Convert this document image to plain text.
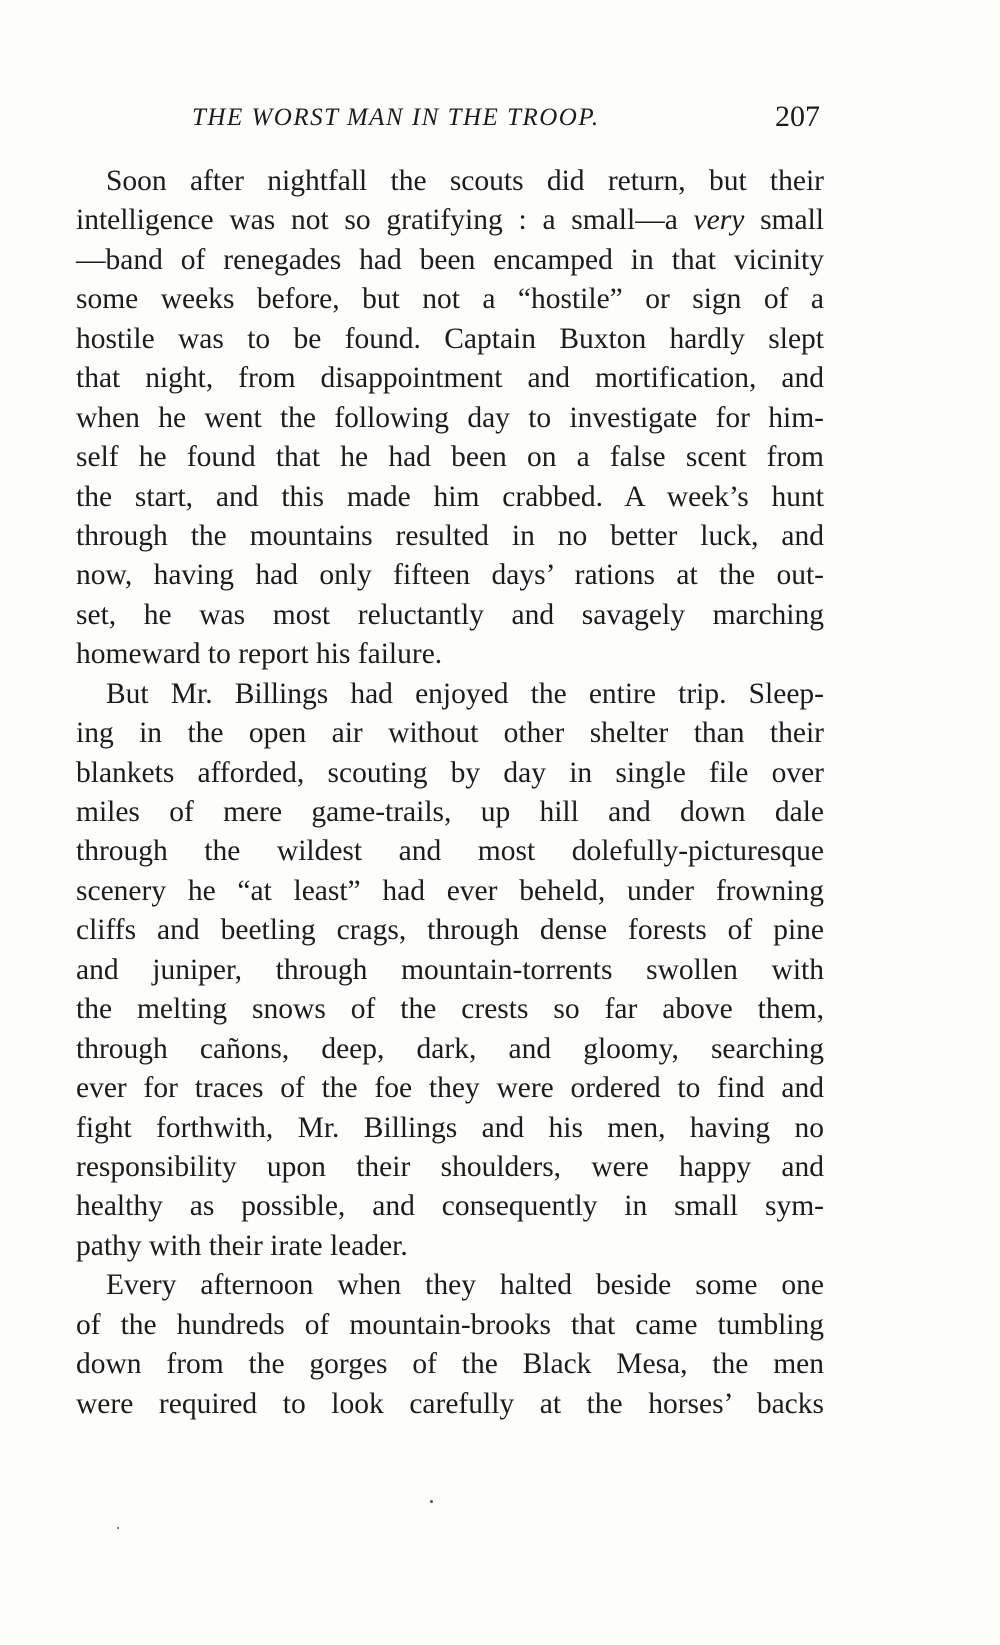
THE WORST MAN IN THE TROOP.	207
Soon after nightfall the scouts did return, but their
intelligence was not so gratifying : a small—a very small
—band of renegades had been encamped in that vicinity
some weeks before, but not a “hostile” or sign of a
hostile was to be found. Captain Buxton hardly slept
that night, from disappointment and mortification, and
when he went the following day to investigate for him-
self he found that he had been on a false scent from
the start, and this made him crabbed. A week’s hunt
through the mountains resulted in no better luck, and
now, having had only fifteen days’ rations at the out-
set, he was most reluctantly and savagely marching
homeward to report his failure.
But Mr. Billings had enjoyed the entire trip. Sleep-
ing in the open air without other shelter than their
blankets afforded, scouting by day in single file over
miles of mere game-trails, up hill and down dale
through the wildest and most dolefully-picturesque
scenery he “at least” had ever beheld, under frowning
cliffs and beetling crags, through dense forests of pine
and juniper, through mountain-torrents swollen with
the melting snows of the crests so far above them,
through cañons, deep, dark, and gloomy, searching
ever for traces of the foe they were ordered to find and
fight forthwith, Mr. Billings and his men, having no
responsibility upon their shoulders, were happy and
healthy as possible, and consequently in small sym-
pathy with their irate leader.
Every afternoon when they halted beside some one
of the hundreds of mountain-brooks that came tumbling
down from the gorges of the Black Mesa, the men
were required to look carefully at the horses’ backs
